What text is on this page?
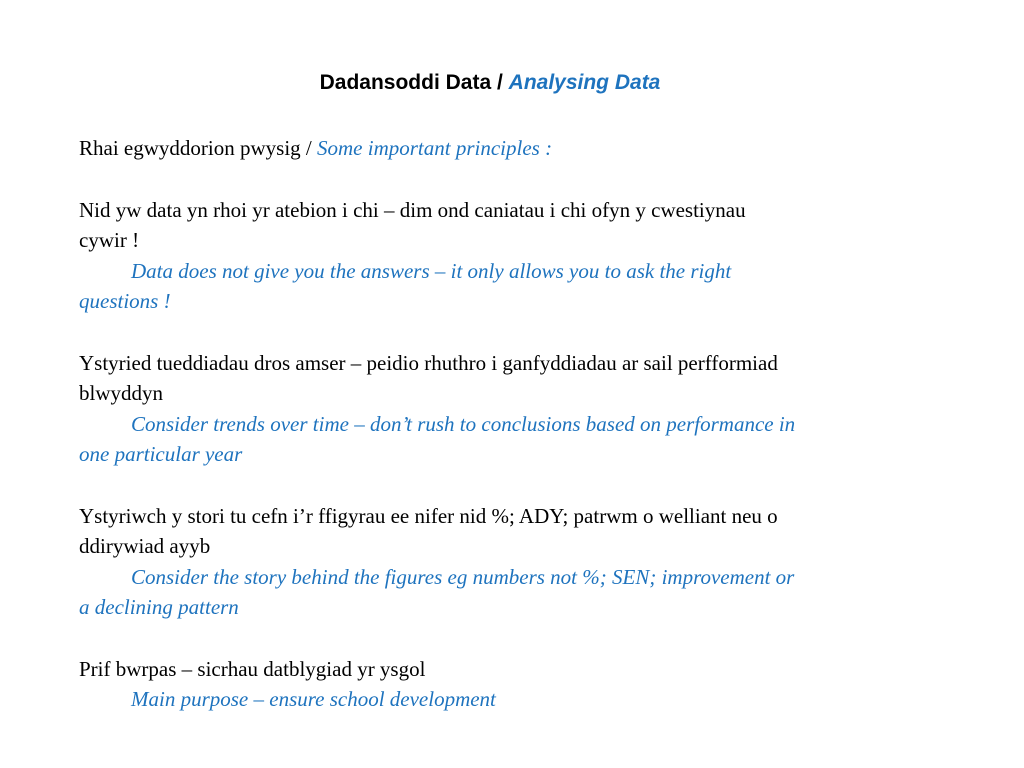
Dadansoddi Data / Analysing Data

Rhai egwyddorion pwysig / Some important principles :

Nid yw data yn rhoi yr atebion i chi – dim ond caniatau i chi ofyn y cwestiynau

cywir !

Data does not give you the answers – it only allows you to ask the right

questions !

Ystyried tueddiadau dros amser – peidio rhuthro i ganfyddiadau ar sail perfformiad

blwyddyn

Consider trends over time – don’t rush to conclusions based on performance in

one particular year

Ystyriwch y stori tu cefn i’r ffigyrau ee nifer nid %; ADY; patrwm o welliant neu o

ddirywiad ayyb

Consider the story behind the figures eg numbers not %; SEN; improvement or

a declining pattern

Prif bwrpas – sicrhau datblygiad yr ysgol

Main purpose – ensure school development
